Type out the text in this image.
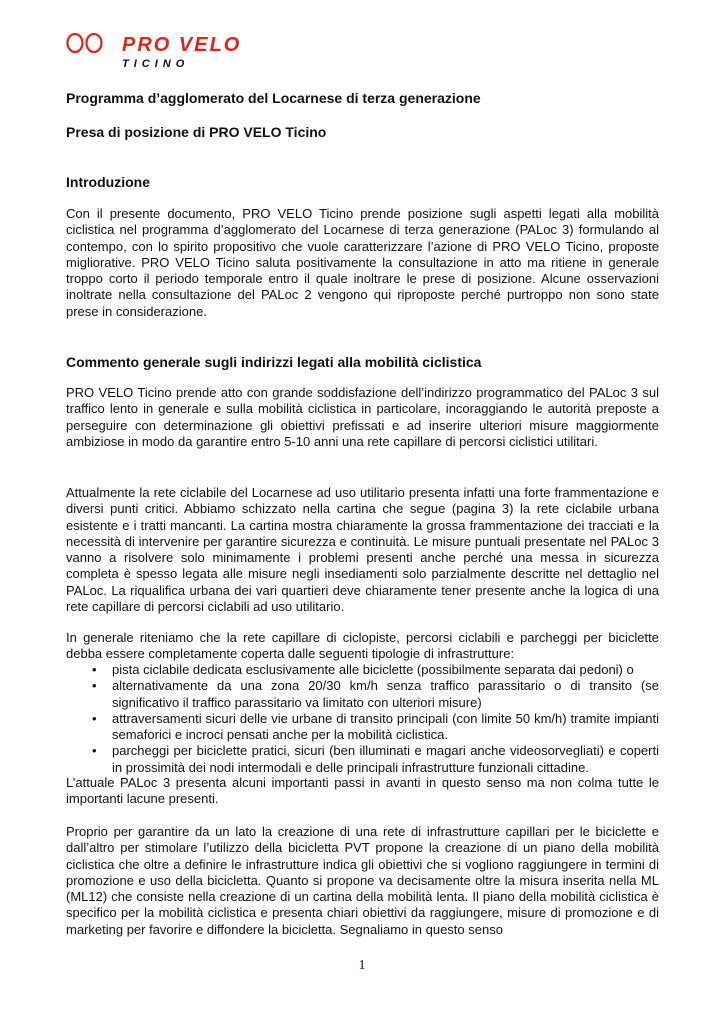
PRO VELO
TICINO
Programma d’agglomerato del Locarnese di terza generazione
Presa di posizione di PRO VELO Ticino
Introduzione

Con il presente documento, PRO VELO Ticino prende posizione sugli aspetti legati alla mobilità ciclistica nel programma d’agglomerato del Locarnese di terza generazione (PALoc 3) formulando al contempo, con lo spirito propositivo che vuole caratterizzare l’azione di PRO VELO Ticino, proposte migliorative. PRO VELO Ticino saluta positivamente la consultazione in atto ma ritiene in generale troppo corto il periodo temporale entro il quale inoltrare le prese di posizione. Alcune osservazioni inoltrate nella consultazione del PALoc 2 vengono qui riproposte perché purtroppo non sono state prese in considerazione.

Commento generale sugli indirizzi legati alla mobilità ciclistica

PRO VELO Ticino prende atto con grande soddisfazione dell’indirizzo programmatico del PALoc 3 sul traffico lento in generale e sulla mobilità ciclistica in particolare, incoraggiando le autorità preposte a perseguire con determinazione gli obiettivi prefissati e ad inserire ulteriori misure maggiormente ambiziose in modo da garantire entro 5-10 anni una rete capillare di percorsi ciclistici utilitari.

Attualmente la rete ciclabile del Locarnese ad uso utilitario presenta infatti una forte frammentazione e diversi punti critici. Abbiamo schizzato nella cartina che segue (pagina 3) la rete ciclabile urbana esistente e i tratti mancanti. La cartina mostra chiaramente la grossa frammentazione dei tracciati e la necessità di intervenire per garantire sicurezza e continuità. Le misure puntuali presentate nel PALoc 3 vanno a risolvere solo minimamente i problemi presenti anche perché una messa in sicurezza completa è spesso legata alle misure negli insediamenti solo parzialmente descritte nel dettaglio nel PALoc. La riqualifica urbana dei vari quartieri deve chiaramente tener presente anche la logica di una rete capillare di percorsi ciclabili ad uso utilitario.

In generale riteniamo che la rete capillare di ciclopiste, percorsi ciclabili e parcheggi per biciclette debba essere completamente coperta dalle seguenti tipologie di infrastrutture:

• pista ciclabile dedicata esclusivamente alle biciclette (possibilmente separata dai pedoni) o
• alternativamente da una zona 20/30 km/h senza traffico parassitario o di transito (se significativo il traffico parassitario va limitato con ulteriori misure)
• attraversamenti sicuri delle vie urbane di transito principali (con limite 50 km/h) tramite impianti semaforici e incroci pensati anche per la mobilità ciclistica.
• parcheggi per biciclette pratici, sicuri (ben illuminati e magari anche videosorvegliati) e coperti in prossimità dei nodi intermodali e delle principali infrastrutture funzionali cittadine.

L’attuale PALoc 3 presenta alcuni importanti passi in avanti in questo senso ma non colma tutte le importanti lacune presenti.

Proprio per garantire da un lato la creazione di una rete di infrastrutture capillari per le biciclette e dall’altro per stimolare l’utilizzo della bicicletta PVT propone la creazione di un piano della mobilità ciclistica che oltre a definire le infrastrutture indica gli obiettivi che si vogliono raggiungere in termini di promozione e uso della bicicletta. Quanto si propone va decisamente oltre la misura inserita nella ML (ML12) che consiste nella creazione di un cartina della mobilità lenta. Il piano della mobilità ciclistica è specifico per la mobilità ciclistica e presenta chiari obiettivi da raggiungere, misure di promozione e di marketing per favorire e diffondere la bicicletta. Segnaliamo in questo senso

1
